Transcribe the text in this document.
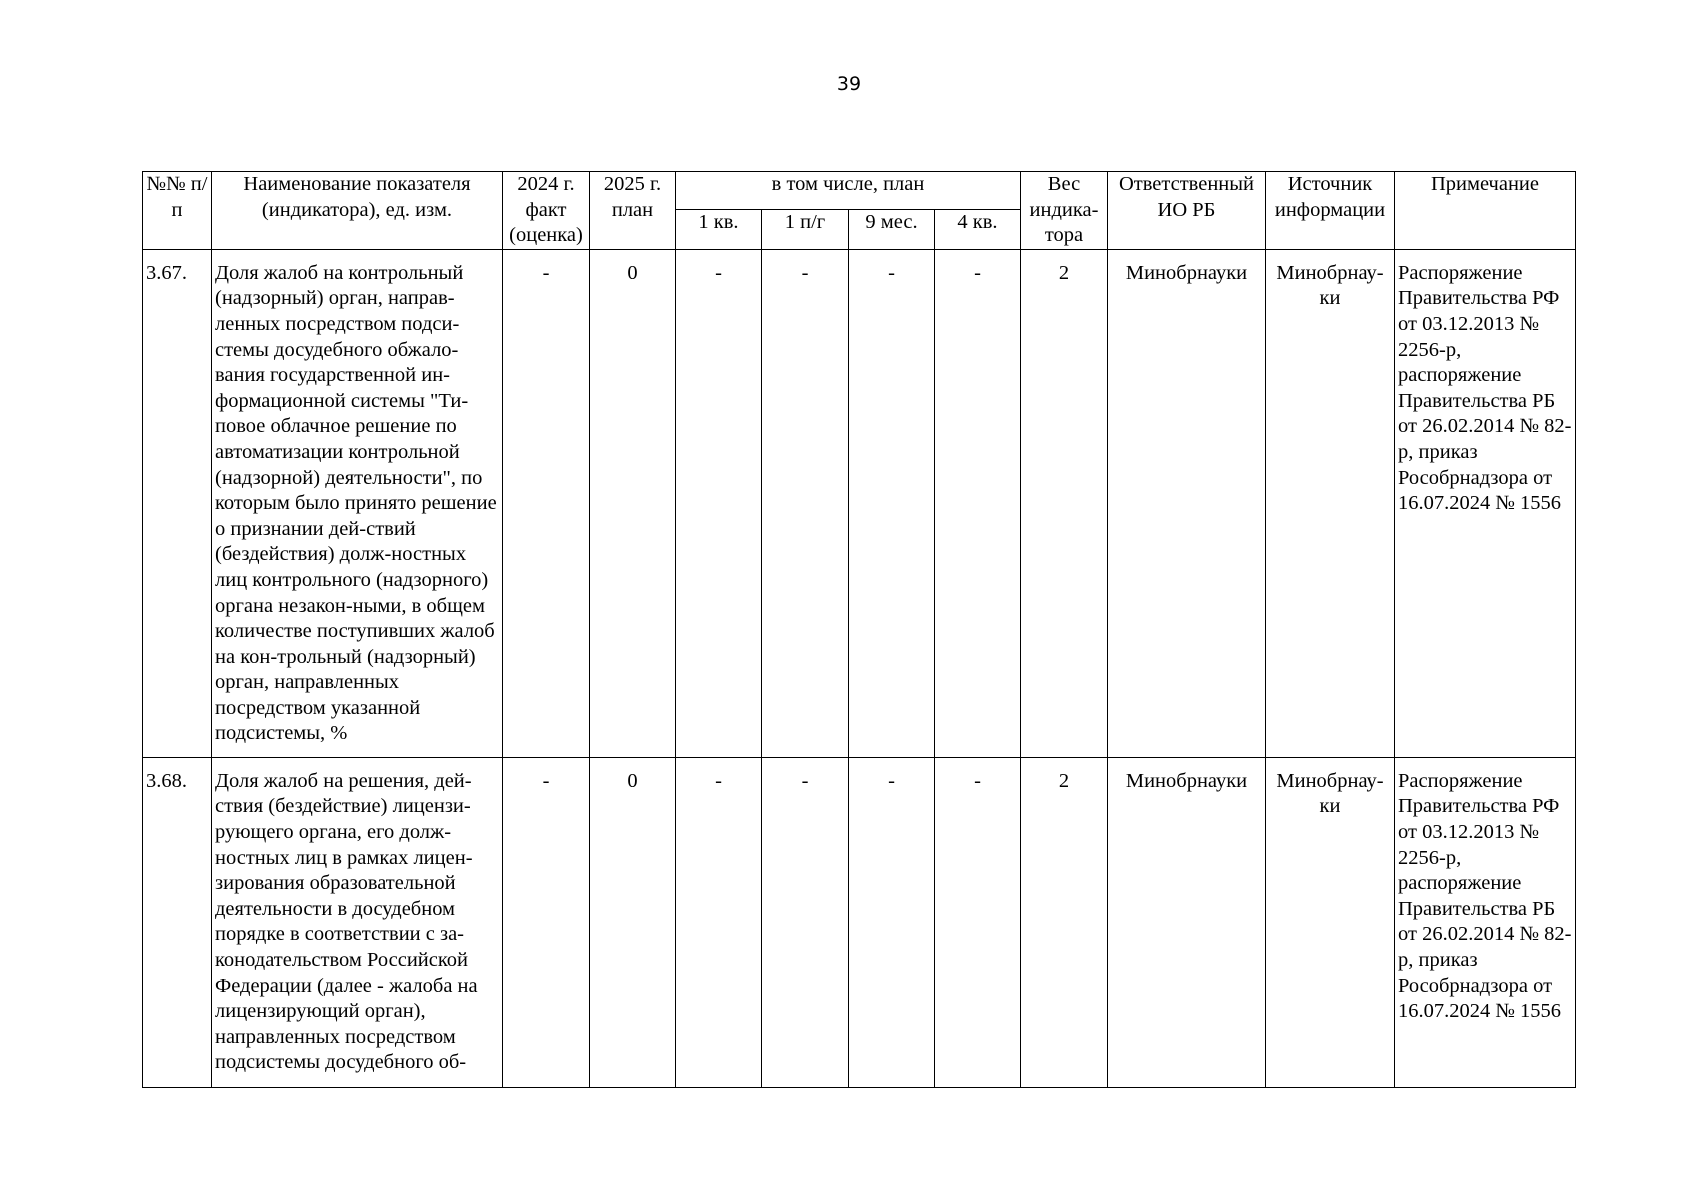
39
№№ п/п	Наименование показателя (индикатора), ед. изм.	2024 г. факт (оценка)	2025 г. план	в том числе, план				Вес индика-тора	Ответственный ИО РБ	Источник информации	Примечание
				1 кв.	1 п/г	9 мес.	4 кв.				
3.67.	Доля жалоб на контрольный (надзорный) орган, направ-ленных посредством подси-стемы досудебного обжало-вания государственной ин-формационной системы "Ти-повое облачное решение по автоматизации контрольной (надзорной) деятельности", по которым было принято решение о признании дей-ствий (бездействия) долж-ностных лиц контрольного (надзорного) органа незакон-ными, в общем количестве поступивших жалоб на кон-трольный (надзорный) орган, направленных посредством указанной подсистемы, %	-	0	-	-	-	-	2	Минобрнауки	Минобрнау-ки	Распоряжение Правительства РФ от 03.12.2013 № 2256-р, распоряжение Правительства РБ от 26.02.2014 № 82-р, приказ Рособрнадзора от 16.07.2024 № 1556
3.68.	Доля жалоб на решения, дей-ствия (бездействие) лицензи-рующего органа, его долж-ностных лиц в рамках лицен-зирования образовательной деятельности в досудебном порядке в соответствии с за-конодательством Российской Федерации (далее - жалоба на лицензирующий орган), направленных посредством подсистемы досудебного об-	-	0	-	-	-	-	2	Минобрнауки	Минобрнау-ки	Распоряжение Правительства РФ от 03.12.2013 № 2256-р, распоряжение Правительства РБ от 26.02.2014 № 82-р, приказ Рособрнадзора от 16.07.2024 № 1556
